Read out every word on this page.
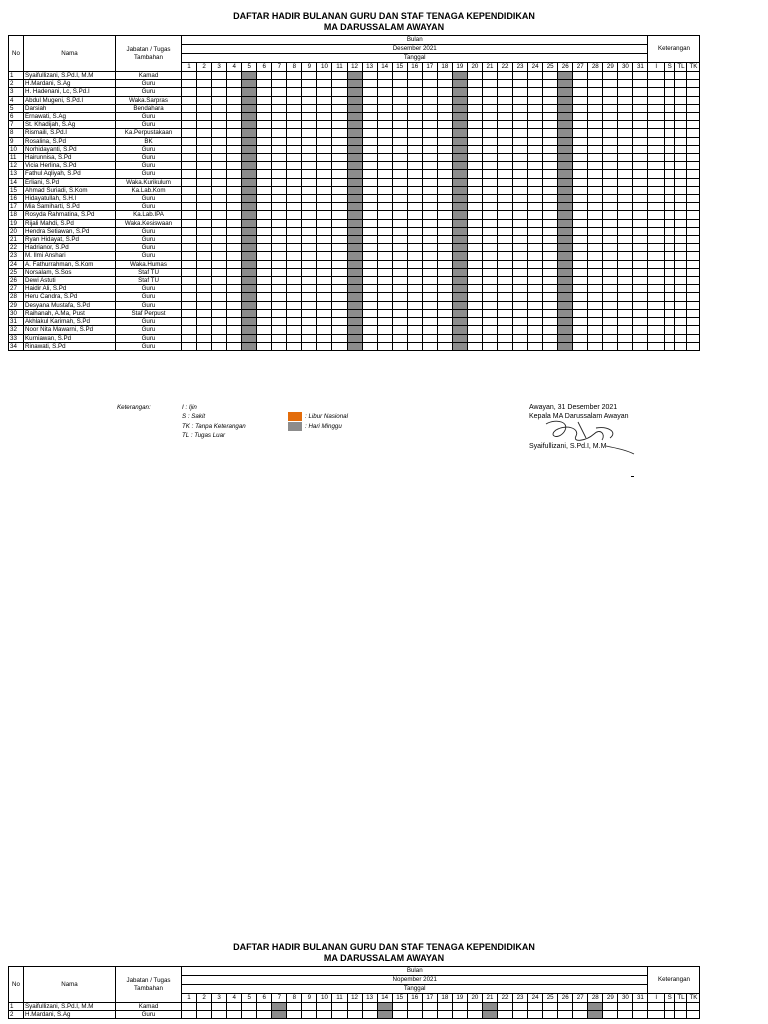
DAFTAR HADIR BULANAN GURU DAN STAF TENAGA KEPENDIDIKAN
MA DARUSSALAM AWAYAN
No	Nama	Jabatan / Tugas Tambahan	Bulan																															Keterangan			
			Desember 2021																																		
			Tanggal																																		
			1	2	3	4	5	6	7	8	9	10	11	12	13	14	15	16	17	18	19	20	21	22	23	24	25	26	27	28	29	30	31	I	S	TL	TK
1	Syaifullizani, S.Pd.I, M.M	Kamad																																			
2	H.Mardani, S.Ag	Guru																																			
3	H. Hadenani, Lc, S.Pd.I	Guru																																			
4	Abdul Mugeni, S.Pd.I	Waka.Sarpras																																			
5	Darsiah	Bendahara																																			
6	Ernawati, S.Ag	Guru																																			
7	St. Khadijah, S.Ag	Guru																																			
8	Rismaili, S.Pd.I	Ka.Perpustakaan																																			
9	Rosalina, S.Pd	BK																																			
10	Norhidayanti, S.Pd	Guru																																			
11	Hairunnisa, S.Pd	Guru																																			
12	Vicia Herlina, S.Pd	Guru																																			
13	Fathul Aqliyah, S.Pd	Guru																																			
14	Erliani, S.Pd	Waka.Kurikulum																																			
15	Ahmad Suriadi, S.Kom	Ka.Lab.Kom																																			
16	Hidayatullah, S.H.I	Guru																																			
17	Mia Samiharti, S.Pd	Guru																																			
18	Rosyda Rahmatina, S.Pd	Ka.Lab.IPA																																			
19	Rijali Mahdi, S.Pd	Waka.Kesiswaan																																			
20	Hendra Setiawan, S.Pd	Guru																																			
21	Ryan Hidayat, S.Pd	Guru																																			
22	Hadrianor, S.Pd	Guru																																			
23	M. Ilmi Anshari	Guru																																			
24	A. Fathurrahman, S.Kom	Waka.Humas																																			
25	Norsalam, S.Sos	Staf TU																																			
26	Dewi Astuti	Staf TU																																			
27	Haidir Ali, S.Pd	Guru																																			
28	Heru Candra, S.Pd	Guru																																			
29	Desyana Mustafa, S.Pd	Guru																																			
30	Raihanah, A.Ma, Pust	Staf Perpust																																			
31	Akhlakul Karimah, S.Pd	Guru																																			
32	Noor Nita Mawarni, S.Pd	Guru																																			
33	Kurniawan, S.Pd	Guru																																			
34	Rinawati, S.Pd	Guru																																			
Keterangan:	I : Ijin
S : Sakit
TK : Tanpa Keterangan
TL : Tugas Luar
: Libur Nasional
: Hari Minggu
Awayan, 31 Desember 2021
Kepala MA Darussalam Awayan
Syaifullizani, S.Pd.I, M.M
DAFTAR HADIR BULANAN GURU DAN STAF TENAGA KEPENDIDIKAN
MA DARUSSALAM AWAYAN
No	Nama	Jabatan / Tugas Tambahan	Bulan																															Keterangan			
			Nopember 2021																																		
			Tanggal																																		
			1	2	3	4	5	6	7	8	9	10	11	12	13	14	15	16	17	18	19	20	21	22	23	24	25	26	27	28	29	30	31	I	S	TL	TK
1	Syaifullizani, S.Pd.I, M.M	Kamad																																			
2	H.Mardani, S.Ag	Guru																																			
